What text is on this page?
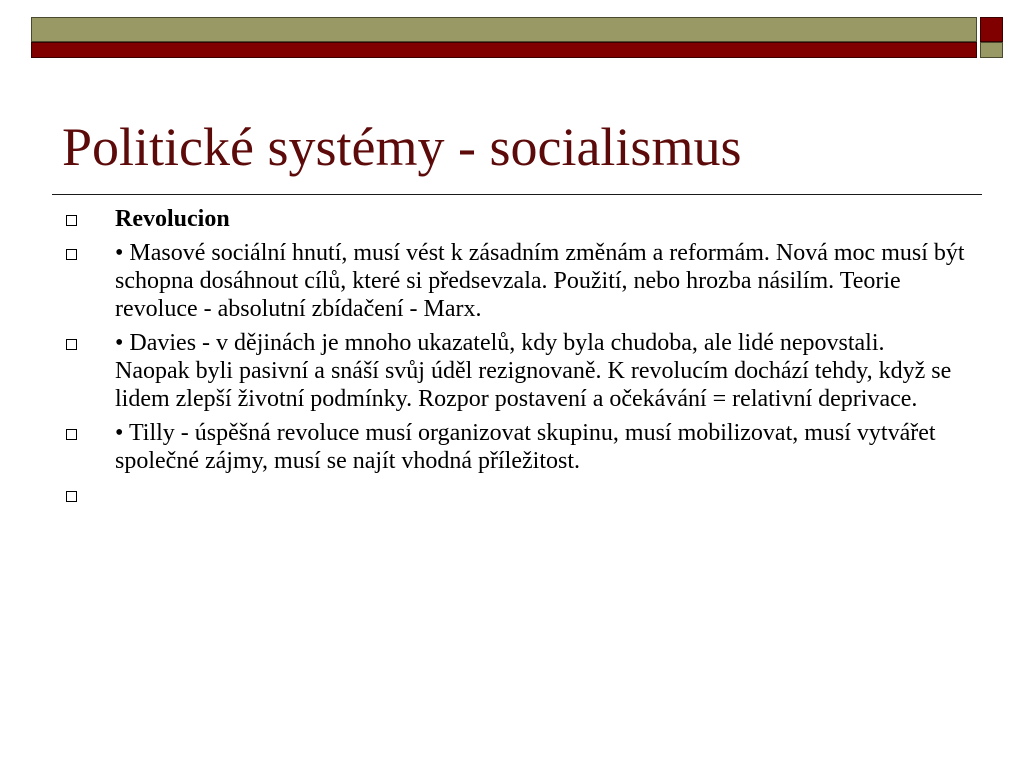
Politické systémy - socialismus
Revolucion
• Masové sociální hnutí, musí vést k zásadním změnám a reformám. Nová moc musí být schopna dosáhnout cílů, které si předsevzala. Použití, nebo hrozba násilím. Teorie revoluce - absolutní zbídačení - Marx.
• Davies - v dějinách je mnoho ukazatelů, kdy byla chudoba, ale lidé nepovstali. Naopak byli pasivní a snáší svůj úděl rezignovaně. K revolucím dochází tehdy, když se lidem zlepší životní podmínky. Rozpor postavení a očekávání = relativní deprivace.
• Tilly - úspěšná revoluce musí organizovat skupinu, musí mobilizovat, musí vytvářet společné zájmy, musí se najít vhodná příležitost.
